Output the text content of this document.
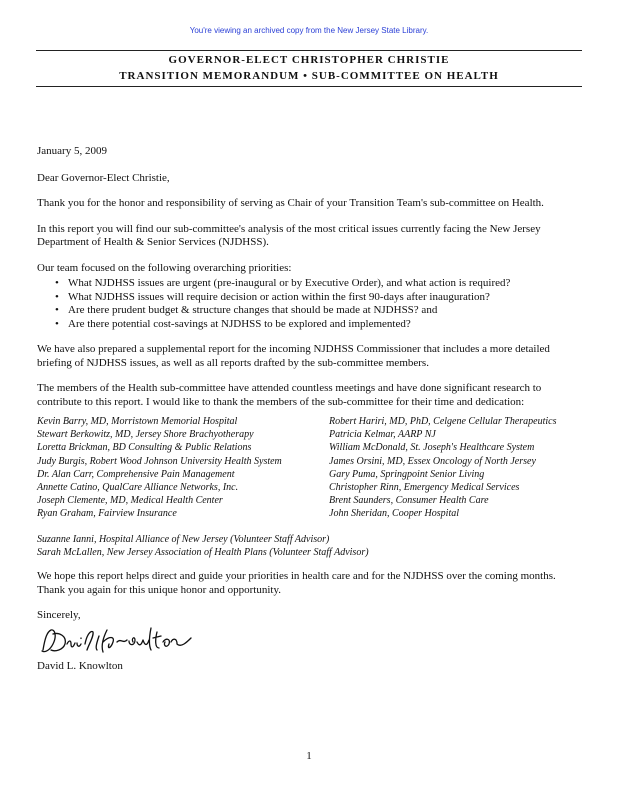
You're viewing an archived copy from the New Jersey State Library.
GOVERNOR-ELECT CHRISTOPHER CHRISTIE
TRANSITION MEMORANDUM • SUB-COMMITTEE ON HEALTH

January 5, 2009

Dear Governor-Elect Christie,

Thank you for the honor and responsibility of serving as Chair of your Transition Team's sub-committee on Health.

In this report you will find our sub-committee's analysis of the most critical issues currently facing the New Jersey Department of Health & Senior Services (NJDHSS).

Our team focused on the following overarching priorities:

• What NJDHSS issues are urgent (pre-inaugural or by Executive Order), and what action is required?
• What NJDHSS issues will require decision or action within the first 90-days after inauguration?
• Are there prudent budget & structure changes that should be made at NJDHSS? and
• Are there potential cost-savings at NJDHSS to be explored and implemented?

We have also prepared a supplemental report for the incoming NJDHSS Commissioner that includes a more detailed briefing of NJDHSS issues, as well as all reports drafted by the sub-committee members.

The members of the Health sub-committee have attended countless meetings and have done significant research to contribute to this report. I would like to thank the members of the sub-committee for their time and dedication:

Kevin Barry, MD, Morristown Memorial Hospital
Stewart Berkowitz, MD, Jersey Shore Brachyotherapy
Loretta Brickman, BD Consulting & Public Relations
Judy Burgis, Robert Wood Johnson University Health System
Dr. Alan Carr, Comprehensive Pain Management
Annette Catino, QualCare Alliance Networks, Inc.
Joseph Clemente, MD, Medical Health Center
Ryan Graham, Fairview Insurance
Robert Hariri, MD, PhD, Celgene Cellular Therapeutics
Patricia Kelmar, AARP NJ
William McDonald, St. Joseph's Healthcare System
James Orsini, MD, Essex Oncology of North Jersey
Gary Puma, Springpoint Senior Living
Christopher Rinn, Emergency Medical Services
Brent Saunders, Consumer Health Care
John Sheridan, Cooper Hospital
Suzanne Ianni, Hospital Alliance of New Jersey (Volunteer Staff Advisor)
Sarah McLallen, New Jersey Association of Health Plans (Volunteer Staff Advisor)

We hope this report helps direct and guide your priorities in health care and for the NJDHSS over the coming months. Thank you again for this unique honor and opportunity.

Sincerely,

David L. Knowlton
David L. Knowlton
1
